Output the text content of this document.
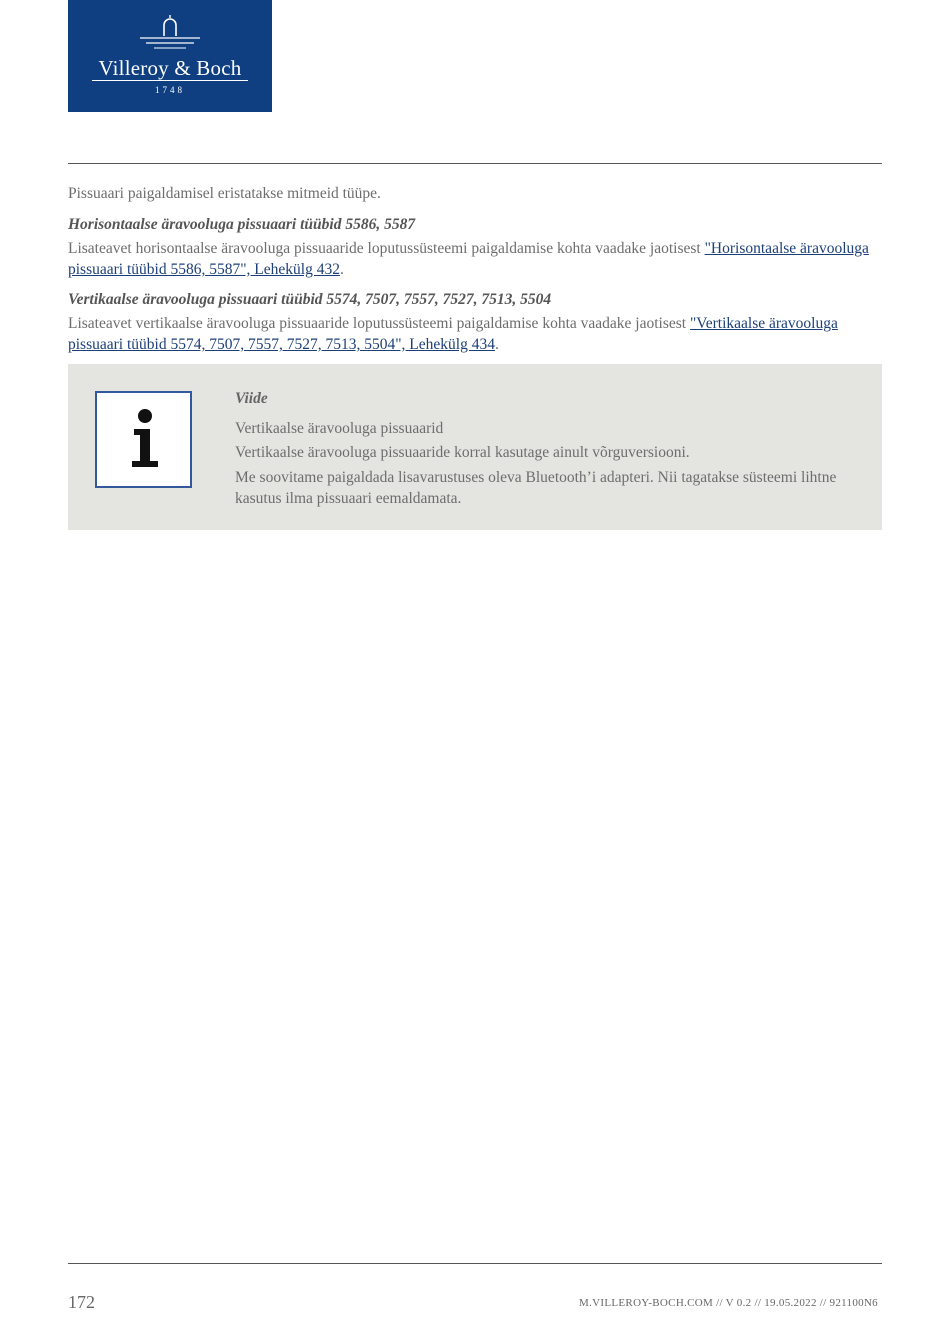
Villeroy & Boch
1748

Pissuaari paigaldamisel eristatakse mitmeid tüüpe.

Horisontaalse äravooluga pissuaari tüübid 5586, 5587

Lisateavet horisontaalse äravooluga pissuaaride loputussüsteemi paigaldamise kohta vaadake jaotisest "Horisontaalse äravooluga pissuaari tüübid 5586, 5587", Lehekülg 432.

Vertikaalse äravooluga pissuaari tüübid 5574, 7507, 7557, 7527, 7513, 5504

Lisateavet vertikaalse äravooluga pissuaaride loputussüsteemi paigaldamise kohta vaadake jaotisest "Vertikaalse äravooluga pissuaari tüübid 5574, 7507, 7557, 7527, 7513, 5504", Lehekülg 434.

Viide

Vertikaalse äravooluga pissuaarid

Vertikaalse äravooluga pissuaaride korral kasutage ainult võrguversiooni.

Me soovitame paigaldada lisavarustuses oleva Bluetooth’i adapteri. Nii tagatakse süsteemi lihtne kasutus ilma pissuaari eemaldamata.

172	M.VILLEROY-BOCH.COM // V 0.2 // 19.05.2022 // 921100N6
